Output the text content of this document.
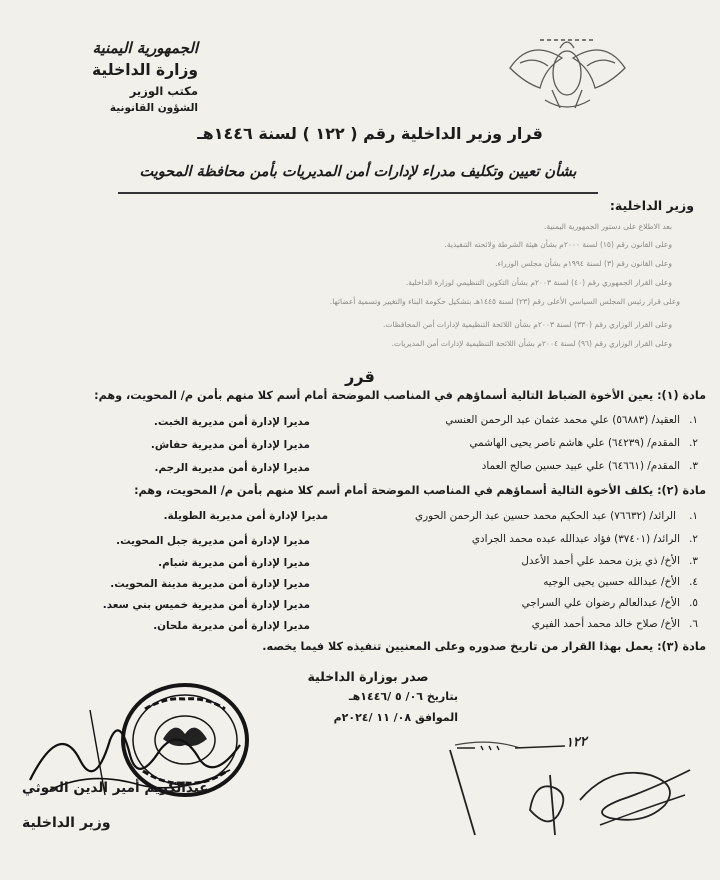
الجمهورية اليمنية
وزارة الداخلية
مكتب الوزير
الشؤون القانونية
قرار وزير الداخلية رقم ( ١٢٢ ) لسنة ١٤٤٦هـ
بشأن تعيين وتكليف مدراء لإدارات أمن المديريات بأمن محافظة المحويت
وزير الداخلية:
بعد الاطلاع على دستور الجمهورية اليمنية.
وعلى القانون رقم (١٥) لسنة ٢٠٠٠م بشأن هيئة الشرطة ولائحته التنفيذية.
وعلى القانون رقم (٣) لسنة ١٩٩٤م بشأن مجلس الوزراء.
وعلى القرار الجمهوري رقم (٤٠) لسنة ٢٠٠٣م بشأن التكوين التنظيمي لوزارة الداخلية.
وعلى قرار رئيس المجلس السياسي الأعلى رقم (٢٣) لسنة ١٤٤٥هـ بتشكيل حكومة البناء والتغيير وتسمية أعضائها.
وعلى القرار الوزاري رقم (٣٣٠) لسنة ٢٠٠٣م بشأن اللائحة التنظيمية لإدارات أمن المحافظات.
وعلى القرار الوزاري رقم (٩٦) لسنة ٢٠٠٤م بشأن اللائحة التنظيمية لإدارات أمن المديريات.
قرر
مادة (١): يعين الأخوة الضباط التالية أسماؤهم في المناصب الموضحة أمام أسم كلا منهم بأمن م/ المحويت، وهم:
١.
العقيد/ (٥٦٨٨٣) علي محمد عثمان عبد الرحمن العنسي
مديرا لإدارة أمن مديرية الخبت.
٢.
المقدم/ (٦٤٢٣٩) علي هاشم ناصر يحيى الهاشمي
مديرا لإدارة أمن مديرية حفاش.
٣.
المقدم/ (٦٤٦٦١) علي عبيد حسين صالح العماد
مديرا لإدارة أمن مديرية الرجم.
مادة (٢): يكلف الأخوة التالية أسماؤهم في المناصب الموضحة أمام أسم كلا منهم بأمن م/ المحويت، وهم:
١.
الرائد/ (٧٦٦٣٢) عبد الحكيم محمد حسين عبد الرحمن الحوري
مديرا لإدارة أمن مديرية الطويلة.
٢.
الرائد/ (٣٧٤٠١) فؤاد عبدالله عبده محمد الجرادي
مديرا لإدارة أمن مديرية جبل المحويت.
٣.
الأخ/ ذي يزن محمد علي أحمد الأعدل
مديرا لإدارة أمن مديرية شبام.
٤.
الأخ/ عبدالله حسين يحيى الوجيه
مديرا لإدارة أمن مديرية مدينة المحويت.
٥.
الأخ/ عبدالعالم رضوان علي السراجي
مديرا لإدارة أمن مديرية خميس بني سعد.
٦.
الأخ/ صلاح خالد محمد أحمد الفيري
مديرا لإدارة أمن مديرية ملحان.
مادة (٣): يعمل بهذا القرار من تاريخ صدوره وعلى المعنيين تنفيذه كلا فيما يخصه.
صدر بوزارة الداخلية
بتاريخ ٠٦/ ٥ /١٤٤٦هـ
الموافق ٠٨/ ١١ /٢٠٢٤م
١٢٢
عبدالكريم أمير الدين الحوثي
وزير الداخلية
